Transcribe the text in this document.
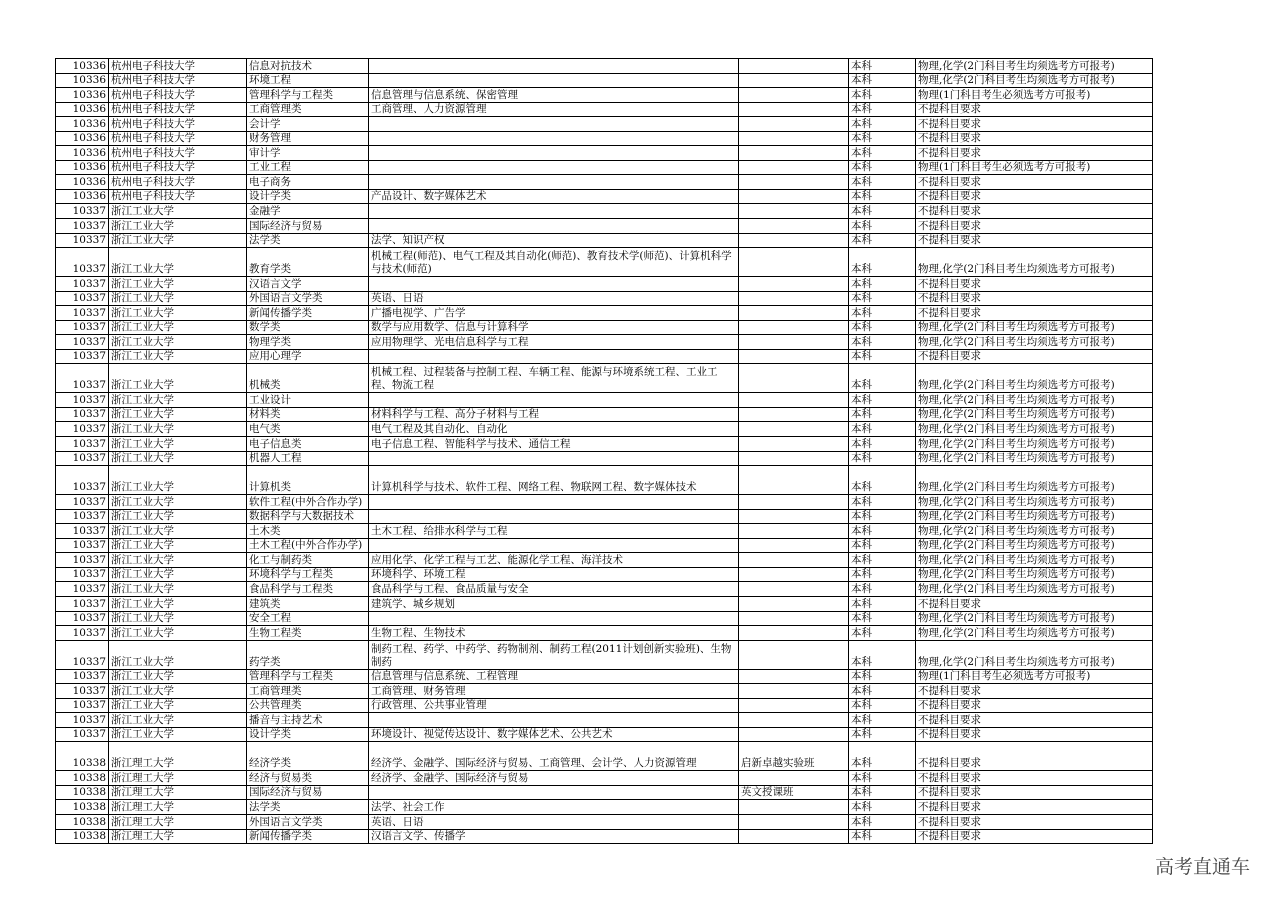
10336	杭州电子科技大学	信息对抗技术			本科	物理,化学(2门科目考生均须选考方可报考)
10336	杭州电子科技大学	环境工程			本科	物理,化学(2门科目考生均须选考方可报考)
10336	杭州电子科技大学	管理科学与工程类	信息管理与信息系统、保密管理		本科	物理(1门科目考生必须选考方可报考)
10336	杭州电子科技大学	工商管理类	工商管理、人力资源管理		本科	不提科目要求
10336	杭州电子科技大学	会计学			本科	不提科目要求
10336	杭州电子科技大学	财务管理			本科	不提科目要求
10336	杭州电子科技大学	审计学			本科	不提科目要求
10336	杭州电子科技大学	工业工程			本科	物理(1门科目考生必须选考方可报考)
10336	杭州电子科技大学	电子商务			本科	不提科目要求
10336	杭州电子科技大学	设计学类	产品设计、数字媒体艺术		本科	不提科目要求
10337	浙江工业大学	金融学			本科	不提科目要求
10337	浙江工业大学	国际经济与贸易			本科	不提科目要求
10337	浙江工业大学	法学类	法学、知识产权		本科	不提科目要求
10337	浙江工业大学	教育学类	机械工程(师范)、电气工程及其自动化(师范)、教育技术学(师范)、计算机科学与技术(师范)		本科	物理,化学(2门科目考生均须选考方可报考)
10337	浙江工业大学	汉语言文学			本科	不提科目要求
10337	浙江工业大学	外国语言文学类	英语、日语		本科	不提科目要求
10337	浙江工业大学	新闻传播学类	广播电视学、广告学		本科	不提科目要求
10337	浙江工业大学	数学类	数学与应用数学、信息与计算科学		本科	物理,化学(2门科目考生均须选考方可报考)
10337	浙江工业大学	物理学类	应用物理学、光电信息科学与工程		本科	物理,化学(2门科目考生均须选考方可报考)
10337	浙江工业大学	应用心理学			本科	不提科目要求
10337	浙江工业大学	机械类	机械工程、过程装备与控制工程、车辆工程、能源与环境系统工程、工业工程、物流工程		本科	物理,化学(2门科目考生均须选考方可报考)
10337	浙江工业大学	工业设计			本科	物理,化学(2门科目考生均须选考方可报考)
10337	浙江工业大学	材料类	材料科学与工程、高分子材料与工程		本科	物理,化学(2门科目考生均须选考方可报考)
10337	浙江工业大学	电气类	电气工程及其自动化、自动化		本科	物理,化学(2门科目考生均须选考方可报考)
10337	浙江工业大学	电子信息类	电子信息工程、智能科学与技术、通信工程		本科	物理,化学(2门科目考生均须选考方可报考)
10337	浙江工业大学	机器人工程			本科	物理,化学(2门科目考生均须选考方可报考)
10337	浙江工业大学	计算机类	计算机科学与技术、软件工程、网络工程、物联网工程、数字媒体技术		本科	物理,化学(2门科目考生均须选考方可报考)
10337	浙江工业大学	软件工程(中外合作办学)			本科	物理,化学(2门科目考生均须选考方可报考)
10337	浙江工业大学	数据科学与大数据技术			本科	物理,化学(2门科目考生均须选考方可报考)
10337	浙江工业大学	土木类	土木工程、给排水科学与工程		本科	物理,化学(2门科目考生均须选考方可报考)
10337	浙江工业大学	土木工程(中外合作办学)			本科	物理,化学(2门科目考生均须选考方可报考)
10337	浙江工业大学	化工与制药类	应用化学、化学工程与工艺、能源化学工程、海洋技术		本科	物理,化学(2门科目考生均须选考方可报考)
10337	浙江工业大学	环境科学与工程类	环境科学、环境工程		本科	物理,化学(2门科目考生均须选考方可报考)
10337	浙江工业大学	食品科学与工程类	食品科学与工程、食品质量与安全		本科	物理,化学(2门科目考生均须选考方可报考)
10337	浙江工业大学	建筑类	建筑学、城乡规划		本科	不提科目要求
10337	浙江工业大学	安全工程			本科	物理,化学(2门科目考生均须选考方可报考)
10337	浙江工业大学	生物工程类	生物工程、生物技术		本科	物理,化学(2门科目考生均须选考方可报考)
10337	浙江工业大学	药学类	制药工程、药学、中药学、药物制剂、制药工程(2011计划创新实验班)、生物制药		本科	物理,化学(2门科目考生均须选考方可报考)
10337	浙江工业大学	管理科学与工程类	信息管理与信息系统、工程管理		本科	物理(1门科目考生必须选考方可报考)
10337	浙江工业大学	工商管理类	工商管理、财务管理		本科	不提科目要求
10337	浙江工业大学	公共管理类	行政管理、公共事业管理		本科	不提科目要求
10337	浙江工业大学	播音与主持艺术			本科	不提科目要求
10337	浙江工业大学	设计学类	环境设计、视觉传达设计、数字媒体艺术、公共艺术		本科	不提科目要求
10338	浙江理工大学	经济学类	经济学、金融学、国际经济与贸易、工商管理、会计学、人力资源管理	启新卓越实验班	本科	不提科目要求
10338	浙江理工大学	经济与贸易类	经济学、金融学、国际经济与贸易		本科	不提科目要求
10338	浙江理工大学	国际经济与贸易		英文授课班	本科	不提科目要求
10338	浙江理工大学	法学类	法学、社会工作		本科	不提科目要求
10338	浙江理工大学	外国语言文学类	英语、日语		本科	不提科目要求
10338	浙江理工大学	新闻传播学类	汉语言文学、传播学		本科	不提科目要求
高考直通车
